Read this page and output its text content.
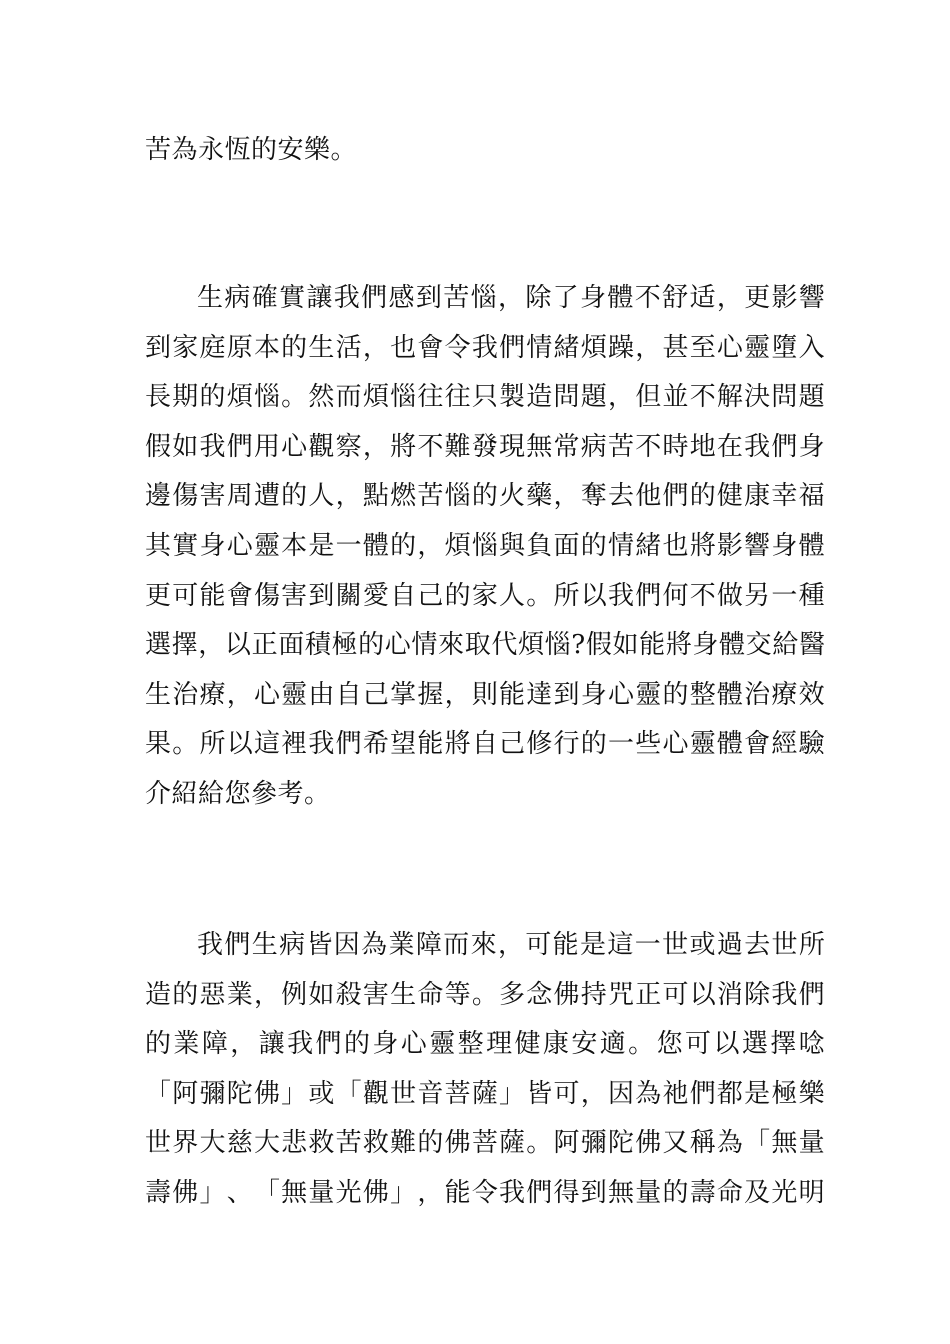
苦為永恆的安樂。
生 病 確 實 讓 我 們 感 到 苦 惱 ， 除 了 身 體 不 舒 适 ， 更 影 響
到 家 庭 原 本 的 生 活 ， 也 會 令 我 們 情 緒 煩 躁 ， 甚 至 心 靈 墮 入
長 期 的 煩 惱 。 然 而 煩 惱 往 往 只 製 造 問 題 ， 但 並 不 解 決 問 題
假 如 我 們 用 心 觀 察 ， 將 不 難 發 現 無 常 病 苦 不 時 地 在 我 們 身
邊 傷 害 周 遭 的 人 ， 點 燃 苦 惱 的 火 藥 ， 奪 去 他 們 的 健 康 幸 福
其 實 身 心 靈 本 是 一 體 的 ， 煩 惱 與 負 面 的 情 緒 也 將 影 響 身 體
更 可 能 會 傷 害 到 關 愛 自 己 的 家 人 。 所 以 我 們 何 不 做 另 一 種
選 擇 ， 以 正 面 積 極 的 心 情 來 取 代 煩 惱 ? 假 如 能 將 身 體 交 給 醫
生 治 療 ， 心 靈 由 自 己 掌 握 ， 則 能 達 到 身 心 靈 的 整 體 治 療 效
果 。 所 以 這 裡 我 們 希 望 能 將 自 己 修 行 的 一 些 心 靈 體 會 經 驗
介紹給您參考。
我 們 生 病 皆 因 為 業 障 而 來 ， 可 能 是 這 一 世 或 過 去 世 所
造 的 惡 業 ， 例 如 殺 害 生 命 等 。 多 念 佛 持 咒 正 可 以 消 除 我 們
的 業 障 ， 讓 我 們 的 身 心 靈 整 理 健 康 安 適 。 您 可 以 選 擇 唸
「 阿 彌 陀 佛 」 或 「 觀 世 音 菩 薩 」 皆 可 ， 因 為 祂 們 都 是 極 樂
世 界 大 慈 大 悲 救 苦 救 難 的 佛 菩 薩 。 阿 彌 陀 佛 又 稱 為 「 無 量
壽 佛 」 、 「 無 量 光 佛 」 ， 能 令 我 們 得 到 無 量 的 壽 命 及 光 明
